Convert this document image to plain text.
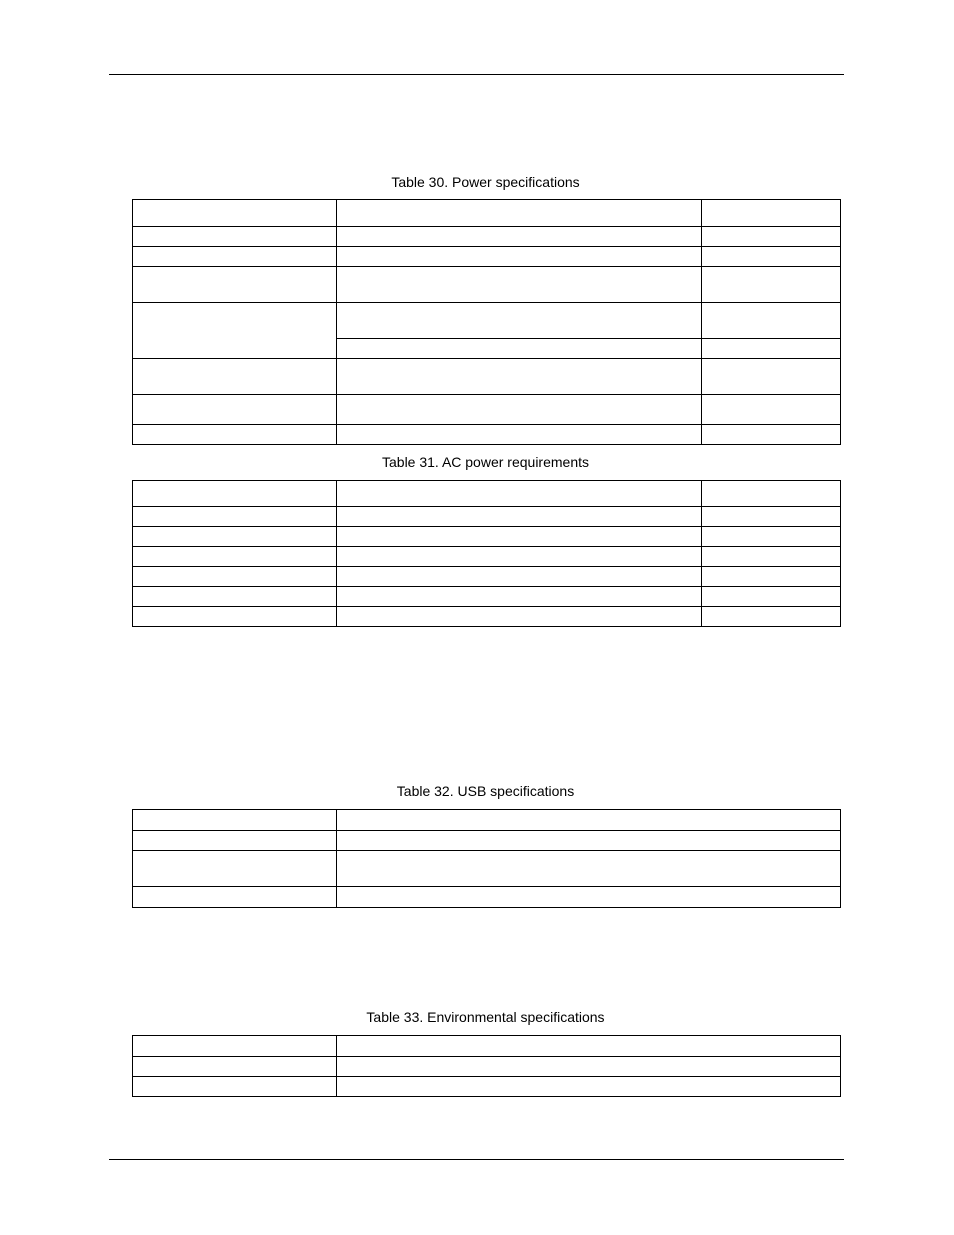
Table 30. Power specifications

Table 31. AC power requirements

Table 32. USB specifications

Table 33. Environmental specifications
